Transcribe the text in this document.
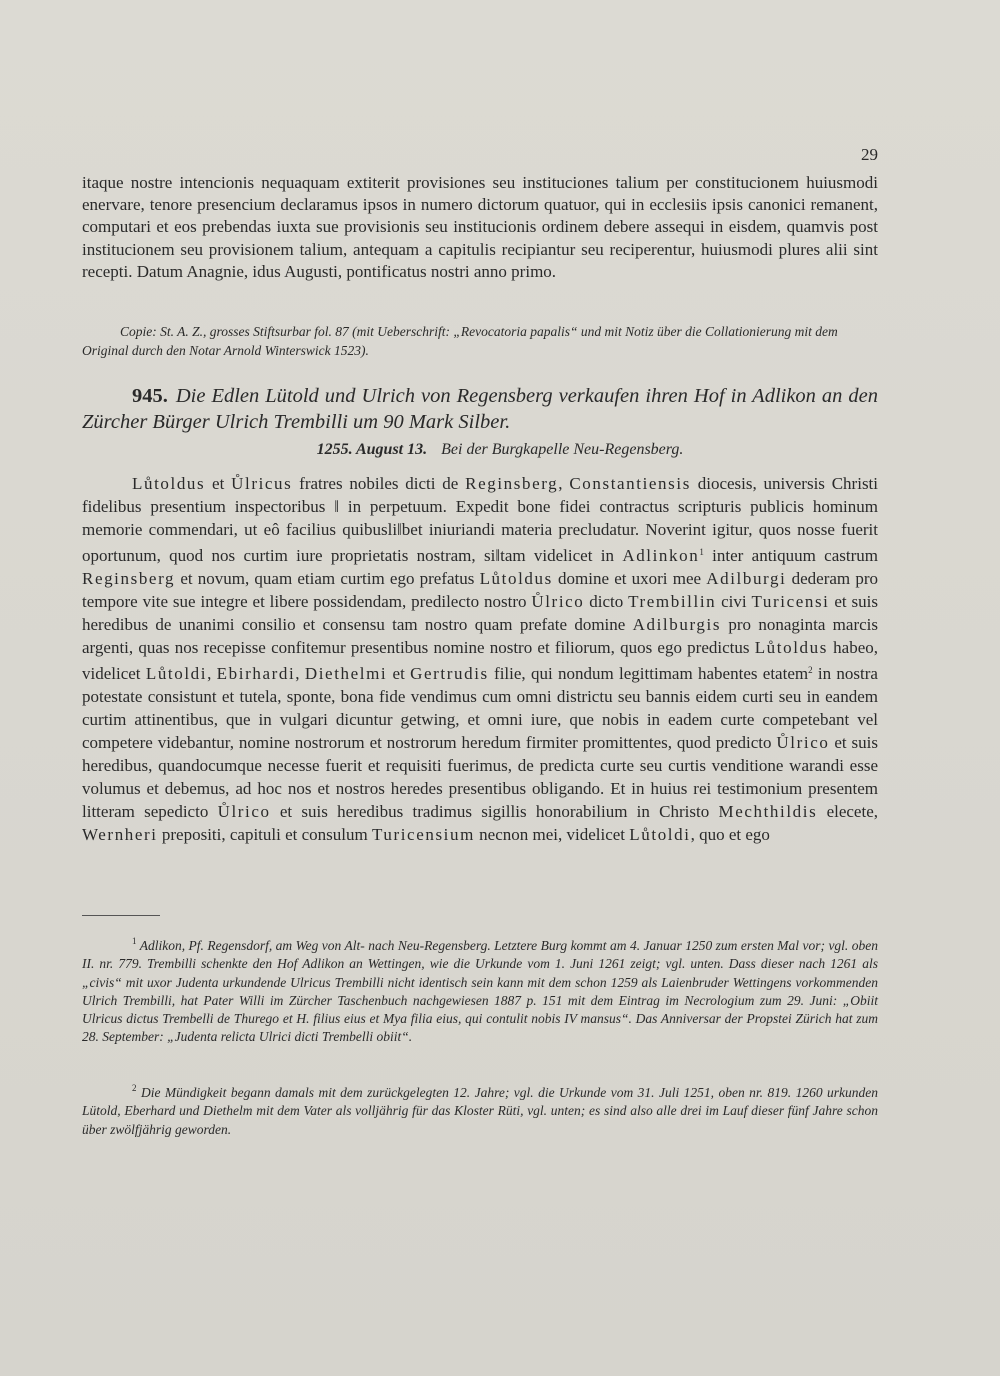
29
itaque nostre intencionis nequaquam extiterit provisiones seu instituciones talium per constitucionem huiusmodi enervare, tenore presencium declaramus ipsos in numero dictorum quatuor, qui in ecclesiis ipsis canonici remanent, computari et eos prebendas iuxta sue provisionis seu institucionis ordinem debere assequi in eisdem, quamvis post institucionem seu provisionem talium, antequam a capitulis recipiantur seu reciperentur, huiusmodi plures alii sint recepti. Datum Anagnie, idus Augusti, pontificatus nostri anno primo.
Copie: St. A. Z., grosses Stiftsurbar fol. 87 (mit Ueberschrift: „Revocatoria papalis“ und mit Notiz über die Collationierung mit dem Original durch den Notar Arnold Winterswick 1523).
945. Die Edlen Lütold und Ulrich von Regensberg verkaufen ihren Hof in Adlikon an den Zürcher Bürger Ulrich Trembilli um 90 Mark Silber.
1255. August 13. Bei der Burgkapelle Neu-Regensberg.
Lůtoldus et Ůlricus fratres nobiles dicti de Reginsberg, Constantiensis diocesis, universis Christi fidelibus presentium inspectoribus ‖ in perpetuum. Expedit bone fidei contractus scripturis publicis hominum memorie commendari, ut eô facilius quibusli‖bet iniuriandi materia precludatur. Noverint igitur, quos nosse fuerit oportunum, quod nos curtim iure proprietatis nostram, si‖tam videlicet in Adlinkon$^1$ inter antiquum castrum Reginsberg et novum, quam etiam curtim ego prefatus Lůtoldus domine et uxori mee Adilburgi dederam pro tempore vite sue integre et libere possidendam, predilecto nostro Ůlrico dicto Trembillin civi Turicensi et suis heredibus de unanimi consilio et consensu tam nostro quam prefate domine Adilburgis pro nonaginta marcis argenti, quas nos recepisse confitemur presentibus nomine nostro et filiorum, quos ego predictus Lůtoldus habeo, videlicet Lůtoldi, Ebirhardi, Diethelmi et Gertrudis filie, qui nondum legittimam habentes etatem$^2$ in nostra potestate consistunt et tutela, sponte, bona fide vendimus cum omni districtu seu bannis eidem curti seu in eandem curtim attinentibus, que in vulgari dicuntur getwing, et omni iure, que nobis in eadem curte competebant vel competere videbantur, nomine nostrorum et nostrorum heredum firmiter promittentes, quod predicto Ůlrico et suis heredibus, quandocumque necesse fuerit et requisiti fuerimus, de predicta curte seu curtis venditione warandi esse volumus et debemus, ad hoc nos et nostros heredes presentibus obligando. Et in huius rei testimonium presentem litteram sepedicto Ůlrico et suis heredibus tradimus sigillis honorabilium in Christo Mechthildis elecete, Wernheri prepositi, capituli et consulum Turicensium necnon mei, videlicet Lůtoldi, quo et ego
$^1$ Adlikon, Pf. Regensdorf, am Weg von Alt- nach Neu-Regensberg. Letztere Burg kommt am 4. Januar 1250 zum ersten Mal vor; vgl. oben II. nr. 779. Trembilli schenkte den Hof Adlikon an Wettingen, wie die Urkunde vom 1. Juni 1261 zeigt; vgl. unten. Dass dieser nach 1261 als „civis“ mit uxor Judenta urkundende Ulricus Trembilli nicht identisch sein kann mit dem schon 1259 als Laienbruder Wettingens vorkommenden Ulrich Trembilli, hat Pater Willi im Zürcher Taschenbuch nachgewiesen 1887 p. 151 mit dem Eintrag im Necrologium zum 29. Juni: „Obiit Ulricus dictus Trembelli de Thurego et H. filius eius et Mya filia eius, qui contulit nobis IV mansus“. Das Anniversar der Propstei Zürich hat zum 28. September: „Judenta relicta Ulrici dicti Trembelli obiit“.
$^2$ Die Mündigkeit begann damals mit dem zurückgelegten 12. Jahre; vgl. die Urkunde vom 31. Juli 1251, oben nr. 819. 1260 urkunden Lütold, Eberhard und Diethelm mit dem Vater als volljährig für das Kloster Rüti, vgl. unten; es sind also alle drei im Lauf dieser fünf Jahre schon über zwölfjährig geworden.
